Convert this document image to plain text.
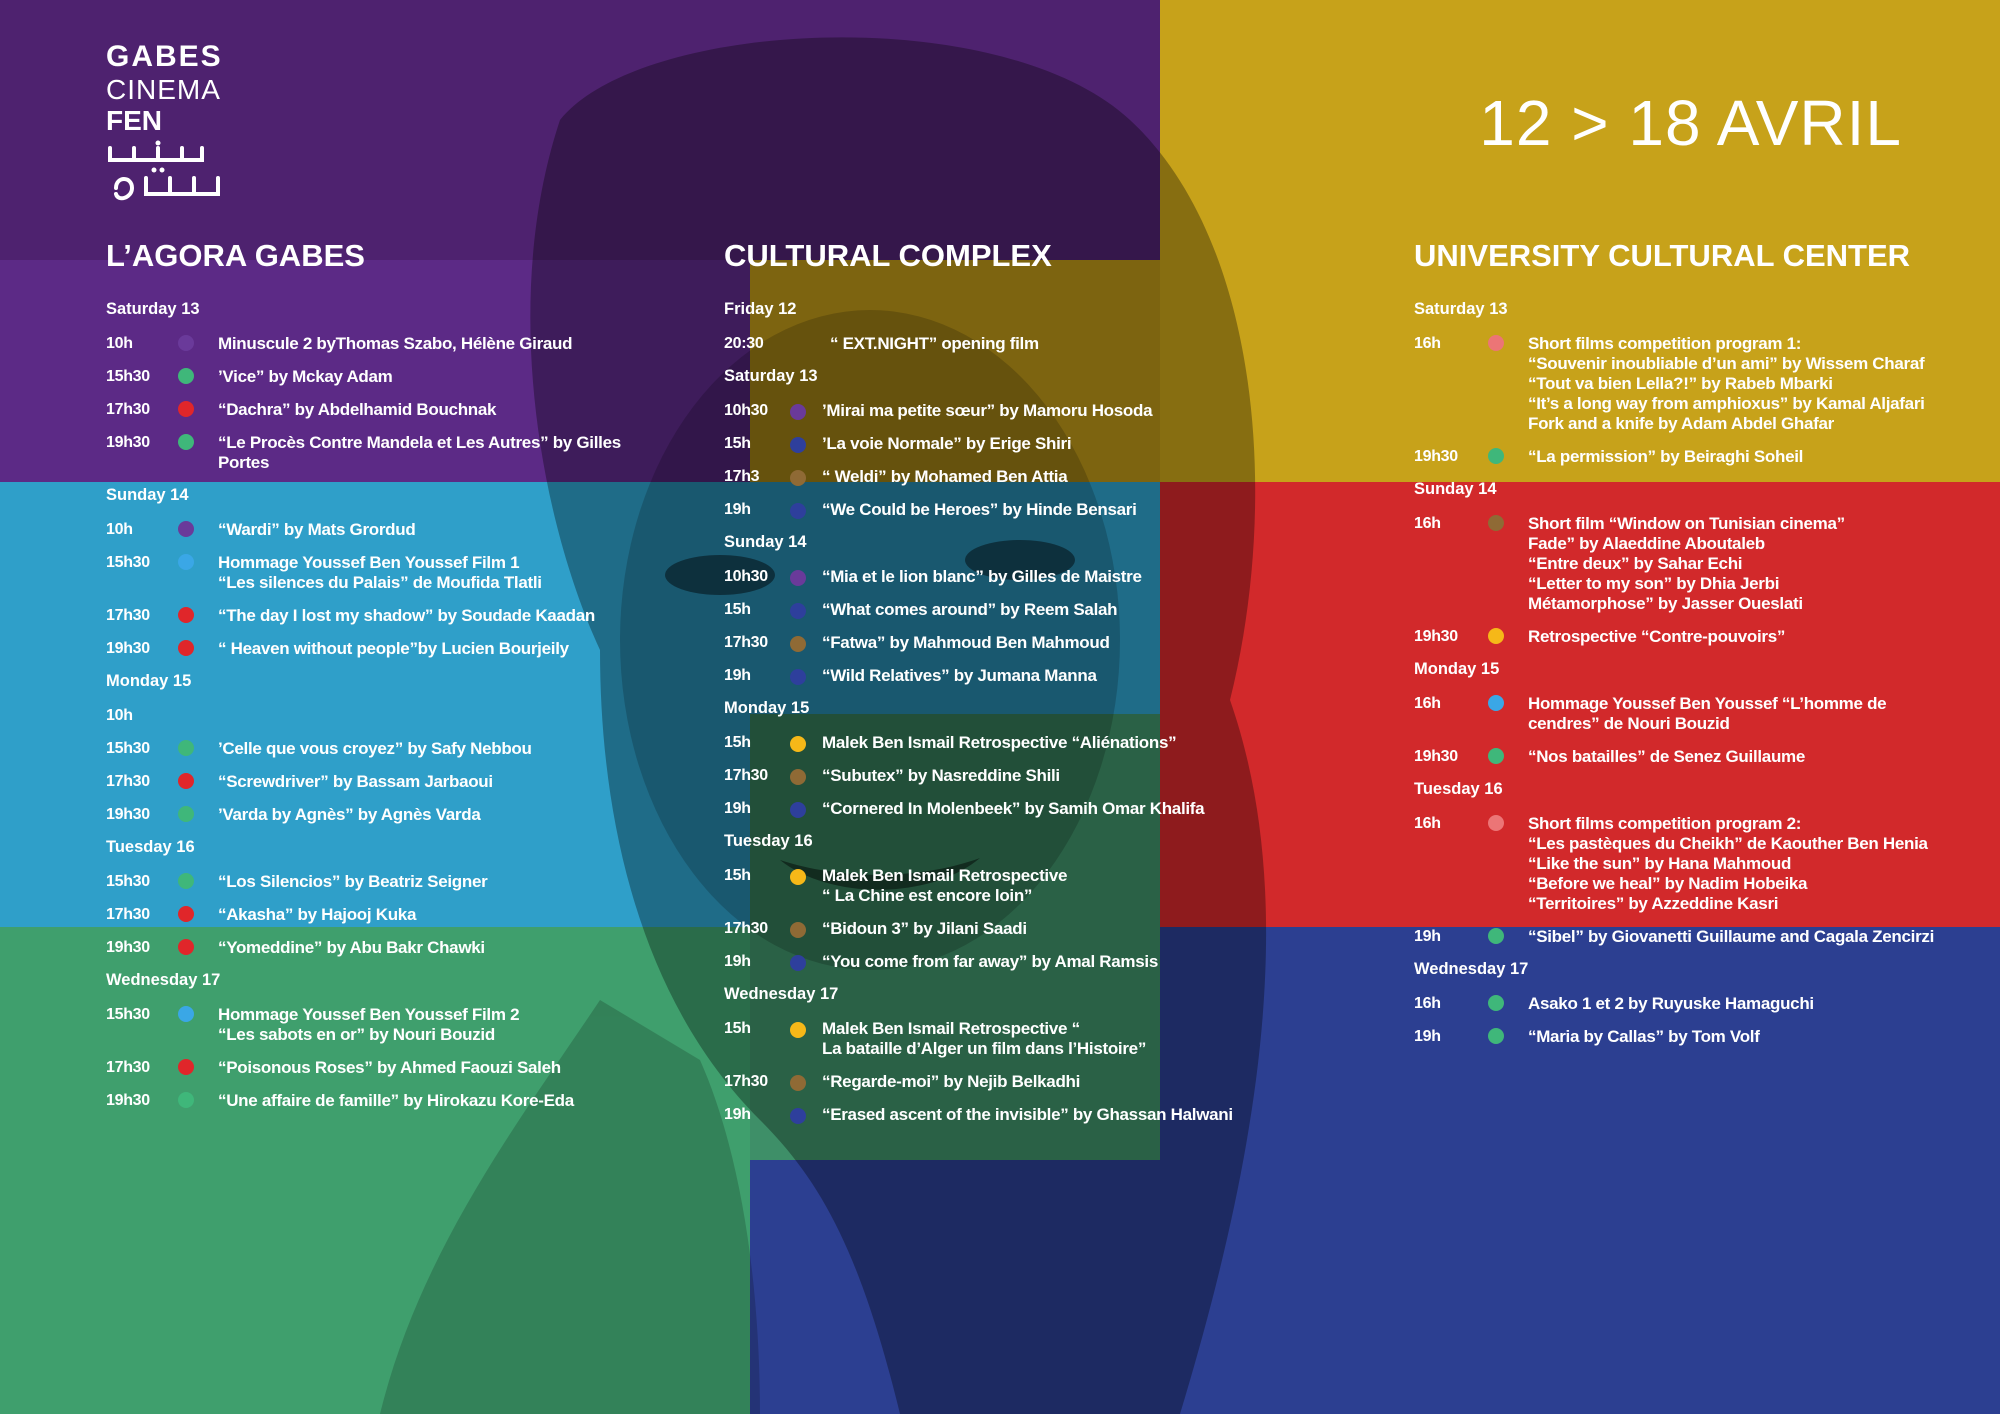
GABES
CINEMA
FEN	12 > 18 AVRIL
L’AGORA GABES
Saturday 13
10h	Minuscule 2 byThomas Szabo, Hélène Giraud
15h30	’Vice” by Mckay Adam
17h30	“Dachra” by Abdelhamid Bouchnak
19h30	“Le Procès Contre Mandela et Les Autres” by Gilles
Portes
Sunday 14
10h	“Wardi” by Mats Grordud
15h30	Hommage Youssef Ben Youssef Film 1
“Les silences du Palais” de Moufida Tlatli
17h30	“The day I lost my shadow” by Soudade Kaadan
19h30	“ Heaven without people”by Lucien Bourjeily
Monday 15
10h
15h30	’Celle que vous croyez” by Safy Nebbou
17h30	“Screwdriver” by Bassam Jarbaoui
19h30	’Varda by Agnès” by Agnès Varda
Tuesday 16
15h30	“Los Silencios” by Beatriz Seigner
17h30	“Akasha” by Hajooj Kuka
19h30	“Yomeddine” by Abu Bakr Chawki
Wednesday 17
15h30	Hommage Youssef Ben Youssef Film 2
“Les sabots en or” by Nouri Bouzid
17h30	“Poisonous Roses” by Ahmed Faouzi Saleh
19h30	“Une affaire de famille” by Hirokazu Kore-Eda
CULTURAL COMPLEX
Friday 12
20:30	“ EXT.NIGHT” opening film
Saturday 13
10h30	’Mirai ma petite sœur” by Mamoru Hosoda
15h	’La voie Normale” by Erige Shiri
17h3	“ Weldi” by Mohamed Ben Attia
19h	“We Could be Heroes” by Hinde Bensari
Sunday 14
10h30	“Mia et le lion blanc” by Gilles de Maistre
15h	“What comes around” by Reem Salah
17h30	“Fatwa” by Mahmoud Ben Mahmoud
19h	“Wild Relatives” by Jumana Manna
Monday 15
15h	Malek Ben Ismail Retrospective “Aliénations”
17h30	“Subutex” by Nasreddine Shili
19h	“Cornered In Molenbeek” by Samih Omar Khalifa
Tuesday 16
15h	Malek Ben Ismail Retrospective
“ La Chine est encore loin”
17h30	“Bidoun 3” by Jilani Saadi
19h	“You come from far away” by Amal Ramsis
Wednesday 17
15h	Malek Ben Ismail Retrospective “
La bataille d’Alger un film dans l’Histoire”
17h30	“Regarde-moi” by Nejib Belkadhi
19h	“Erased ascent of the invisible” by Ghassan Halwani
UNIVERSITY CULTURAL CENTER
Saturday 13
16h	Short films competition program 1:
“Souvenir inoubliable d’un ami” by Wissem Charaf
“Tout va bien Lella?!” by Rabeb Mbarki
“It’s a long way from amphioxus” by Kamal Aljafari
Fork and a knife by Adam Abdel Ghafar
19h30	“La permission” by Beiraghi Soheil
Sunday 14
16h	Short film “Window on Tunisian cinema”
Fade” by Alaeddine Aboutaleb
“Entre deux” by Sahar Echi
“Letter to my son” by Dhia Jerbi
Métamorphose” by Jasser Oueslati
19h30	Retrospective “Contre-pouvoirs”
Monday 15
16h	Hommage Youssef Ben Youssef “L’homme de
cendres” de Nouri Bouzid
19h30	“Nos batailles” de Senez Guillaume
Tuesday 16
16h	Short films competition program 2:
“Les pastèques du Cheikh” de Kaouther Ben Henia
“Like the sun” by Hana Mahmoud
“Before we heal” by Nadim Hobeika
“Territoires” by Azzeddine Kasri
19h	“Sibel” by Giovanetti Guillaume and Cagala Zencirzi
Wednesday 17
16h	Asako 1 et 2 by Ruyuske Hamaguchi
19h	“Maria by Callas” by Tom Volf
